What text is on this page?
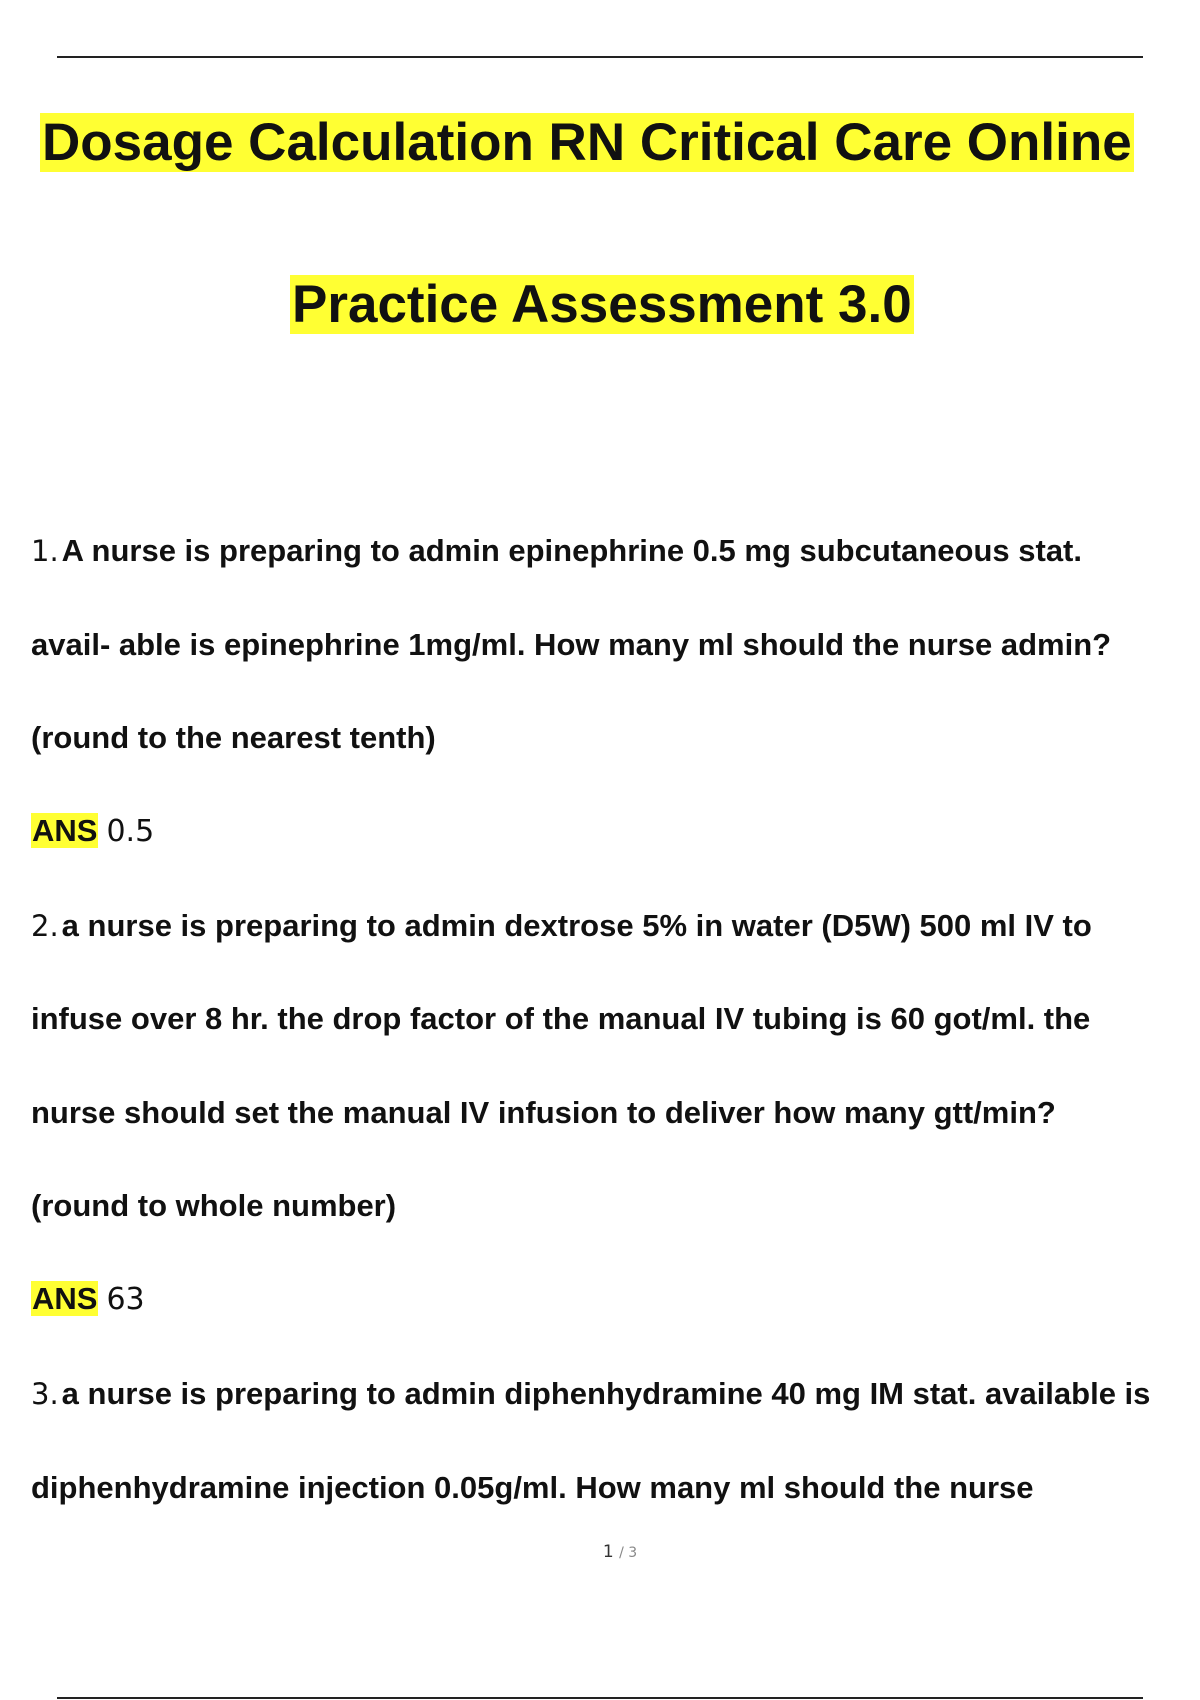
Dosage Calculation RN Critical Care Online
Practice Assessment 3.0
1.A nurse is preparing to admin epinephrine 0.5 mg subcutaneous stat.
avail- able is epinephrine 1mg/ml. How many ml should the nurse admin?
(round to the nearest tenth)
ANS 0.5
2.a nurse is preparing to admin dextrose 5% in water (D5W) 500 ml IV to
infuse over 8 hr. the drop factor of the manual IV tubing is 60 got/ml. the
nurse should set the manual IV infusion to deliver how many gtt/min?
(round to whole number)
ANS 63
3.a nurse is preparing to admin diphenhydramine 40 mg IM stat. available is
diphenhydramine injection 0.05g/ml. How many ml should the nurse
1 / 3
